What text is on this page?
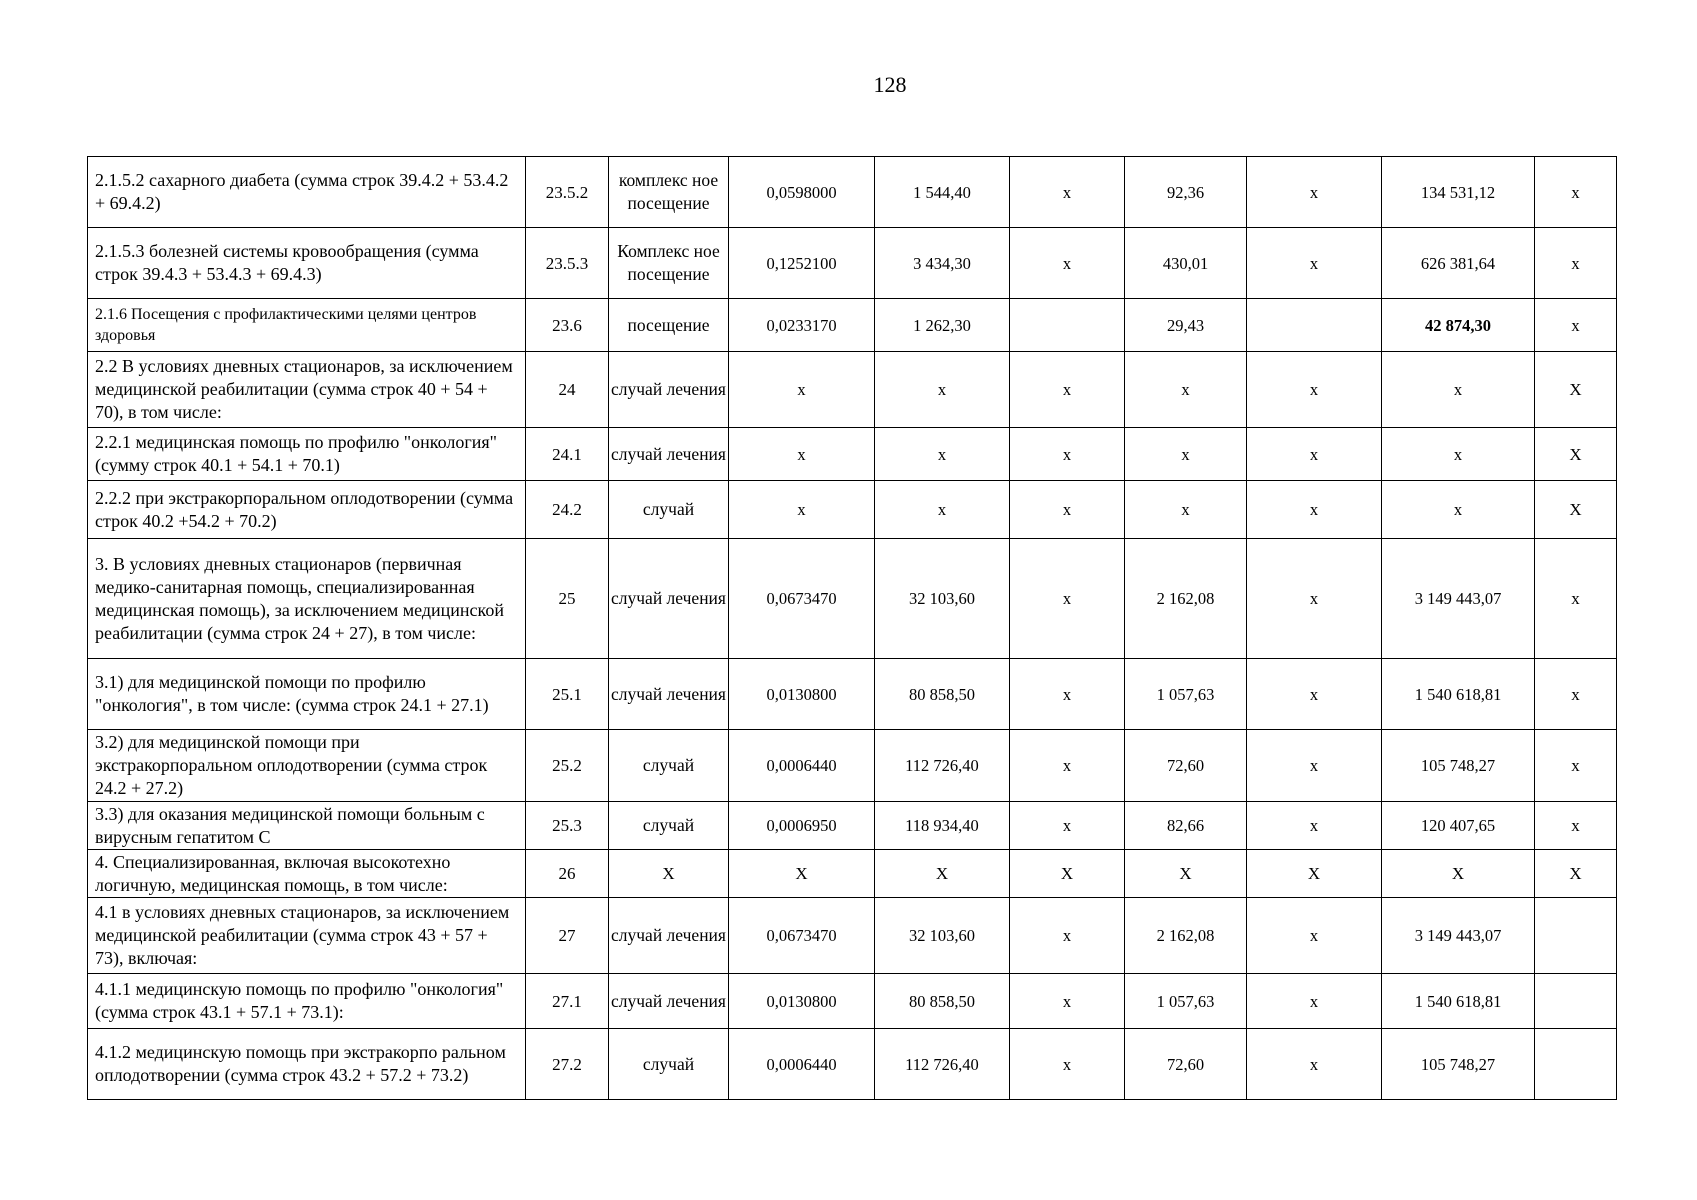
128
2.1.5.2 сахарного диабета (сумма строк 39.4.2 + 53.4.2 + 69.4.2)	23.5.2	комплекс ное посещение	0,0598000	1 544,40	х	92,36	х	134 531,12	х
2.1.5.3 болезней системы кровообращения (сумма строк 39.4.3 + 53.4.3 + 69.4.3)	23.5.3	Комплекс ное посещение	0,1252100	3 434,30	х	430,01	х	626 381,64	х
2.1.6 Посещения с профилактическими целями центров здоровья	23.6	посещение	0,0233170	1 262,30		29,43		42 874,30	х
2.2 В условиях дневных стационаров, за исключением медицинской реабилитации (сумма строк 40 + 54 + 70), в том числе:	24	случай лечения	х	х	х	х	х	х	Х
2.2.1 медицинская помощь по профилю "онкология" (сумму строк 40.1 + 54.1 + 70.1)	24.1	случай лечения	х	х	х	х	х	х	Х
2.2.2 при экстракорпоральном оплодотворении (сумма строк 40.2 +54.2 + 70.2)	24.2	случай	х	х	х	х	х	х	Х
3. В условиях дневных стационаров (первичная медико-санитарная помощь, специализированная медицинская помощь), за исключением медицинской реабилитации (сумма строк 24 + 27), в том числе:	25	случай лечения	0,0673470	32 103,60	х	2 162,08	х	3 149 443,07	х
3.1) для медицинской помощи по профилю "онкология", в том числе: (сумма строк 24.1 + 27.1)	25.1	случай лечения	0,0130800	80 858,50	х	1 057,63	х	1 540 618,81	х
3.2) для медицинской помощи при экстракорпоральном оплодотворении (сумма строк 24.2 + 27.2)	25.2	случай	0,0006440	112 726,40	х	72,60	х	105 748,27	х
3.3) для оказания медицинской помощи больным с вирусным гепатитом С	25.3	случай	0,0006950	118 934,40	х	82,66	х	120 407,65	х
4. Специализированная, включая высокотехно логичную, медицинская помощь, в том числе:	26	Х	Х	Х	Х	Х	Х	Х	Х
4.1 в условиях дневных стационаров, за исключением медицинской реабилитации (сумма строк 43 + 57 + 73), включая:	27	случай лечения	0,0673470	32 103,60	х	2 162,08	х	3 149 443,07	
4.1.1 медицинскую помощь по профилю "онкология" (сумма строк 43.1 + 57.1 + 73.1):	27.1	случай лечения	0,0130800	80 858,50	х	1 057,63	х	1 540 618,81	
4.1.2 медицинскую помощь при экстракорпо ральном оплодотворении (сумма строк 43.2 + 57.2 + 73.2)	27.2	случай	0,0006440	112 726,40	х	72,60	х	105 748,27	
